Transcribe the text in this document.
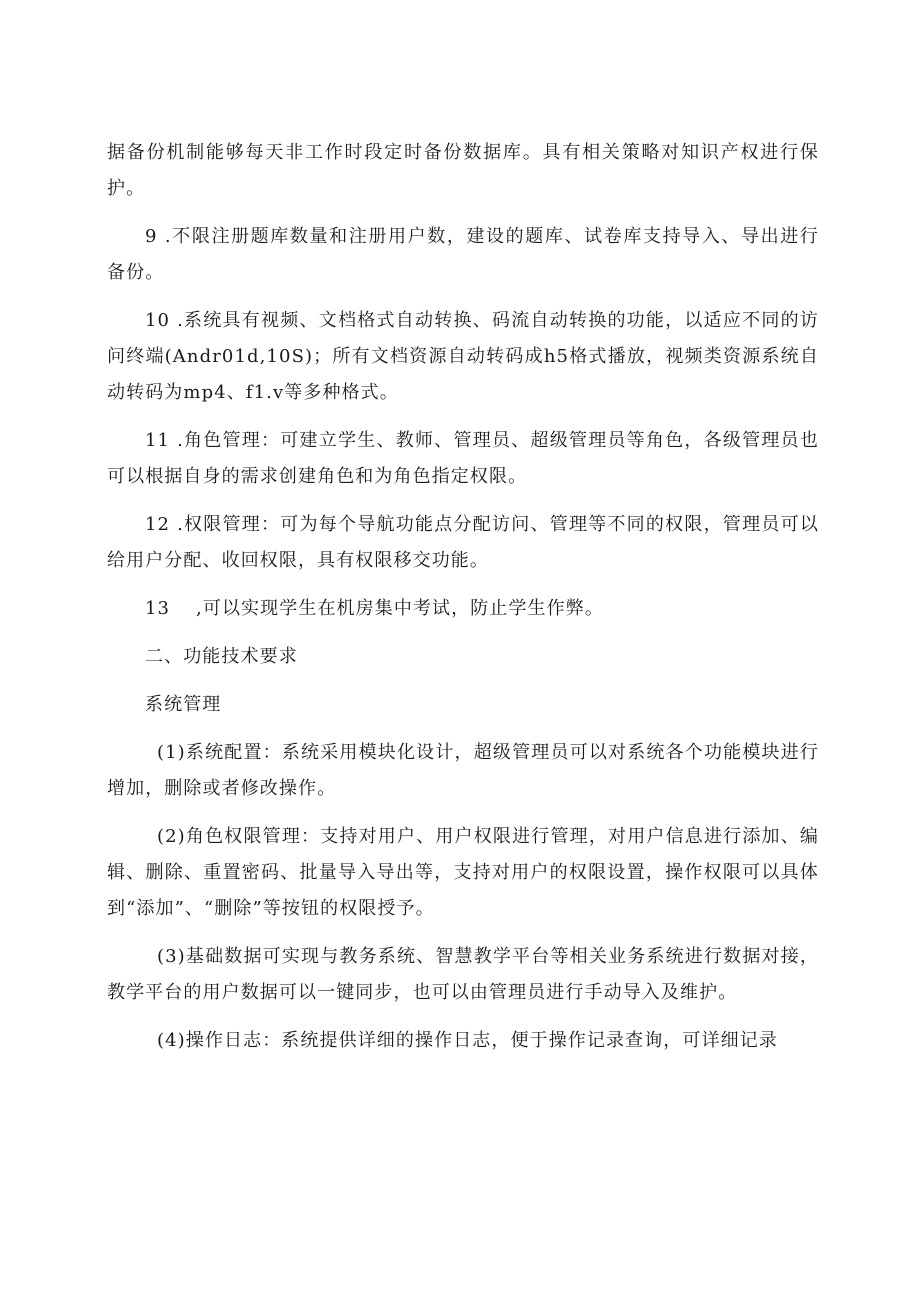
据备份机制能够每天非工作时段定时备份数据库。具有相关策略对知识产权进行保护。

9 .不限注册题库数量和注册用户数，建设的题库、试卷库支持导入、导出进行备份。

10 .系统具有视频、文档格式自动转换、码流自动转换的功能，以适应不同的访问终端(Andr01d,10S)；所有文档资源自动转码成h5格式播放，视频类资源系统自动转码为mp4、f1.v等多种格式。

11 .角色管理：可建立学生、教师、管理员、超级管理员等角色，各级管理员也可以根据自身的需求创建角色和为角色指定权限。

12 .权限管理：可为每个导航功能点分配访问、管理等不同的权限，管理员可以给用户分配、收回权限，具有权限移交功能。

13　 ,可以实现学生在机房集中考试，防止学生作弊。

二、功能技术要求

系统管理

(1)系统配置：系统采用模块化设计，超级管理员可以对系统各个功能模块进行增加，删除或者修改操作。

(2)角色权限管理：支持对用户、用户权限进行管理，对用户信息进行添加、编辑、删除、重置密码、批量导入导出等，支持对用户的权限设置，操作权限可以具体到“添加”、“删除”等按钮的权限授予。

(3)基础数据可实现与教务系统、智慧教学平台等相关业务系统进行数据对接，教学平台的用户数据可以一键同步，也可以由管理员进行手动导入及维护。

(4)操作日志：系统提供详细的操作日志，便于操作记录查询，可详细记录
